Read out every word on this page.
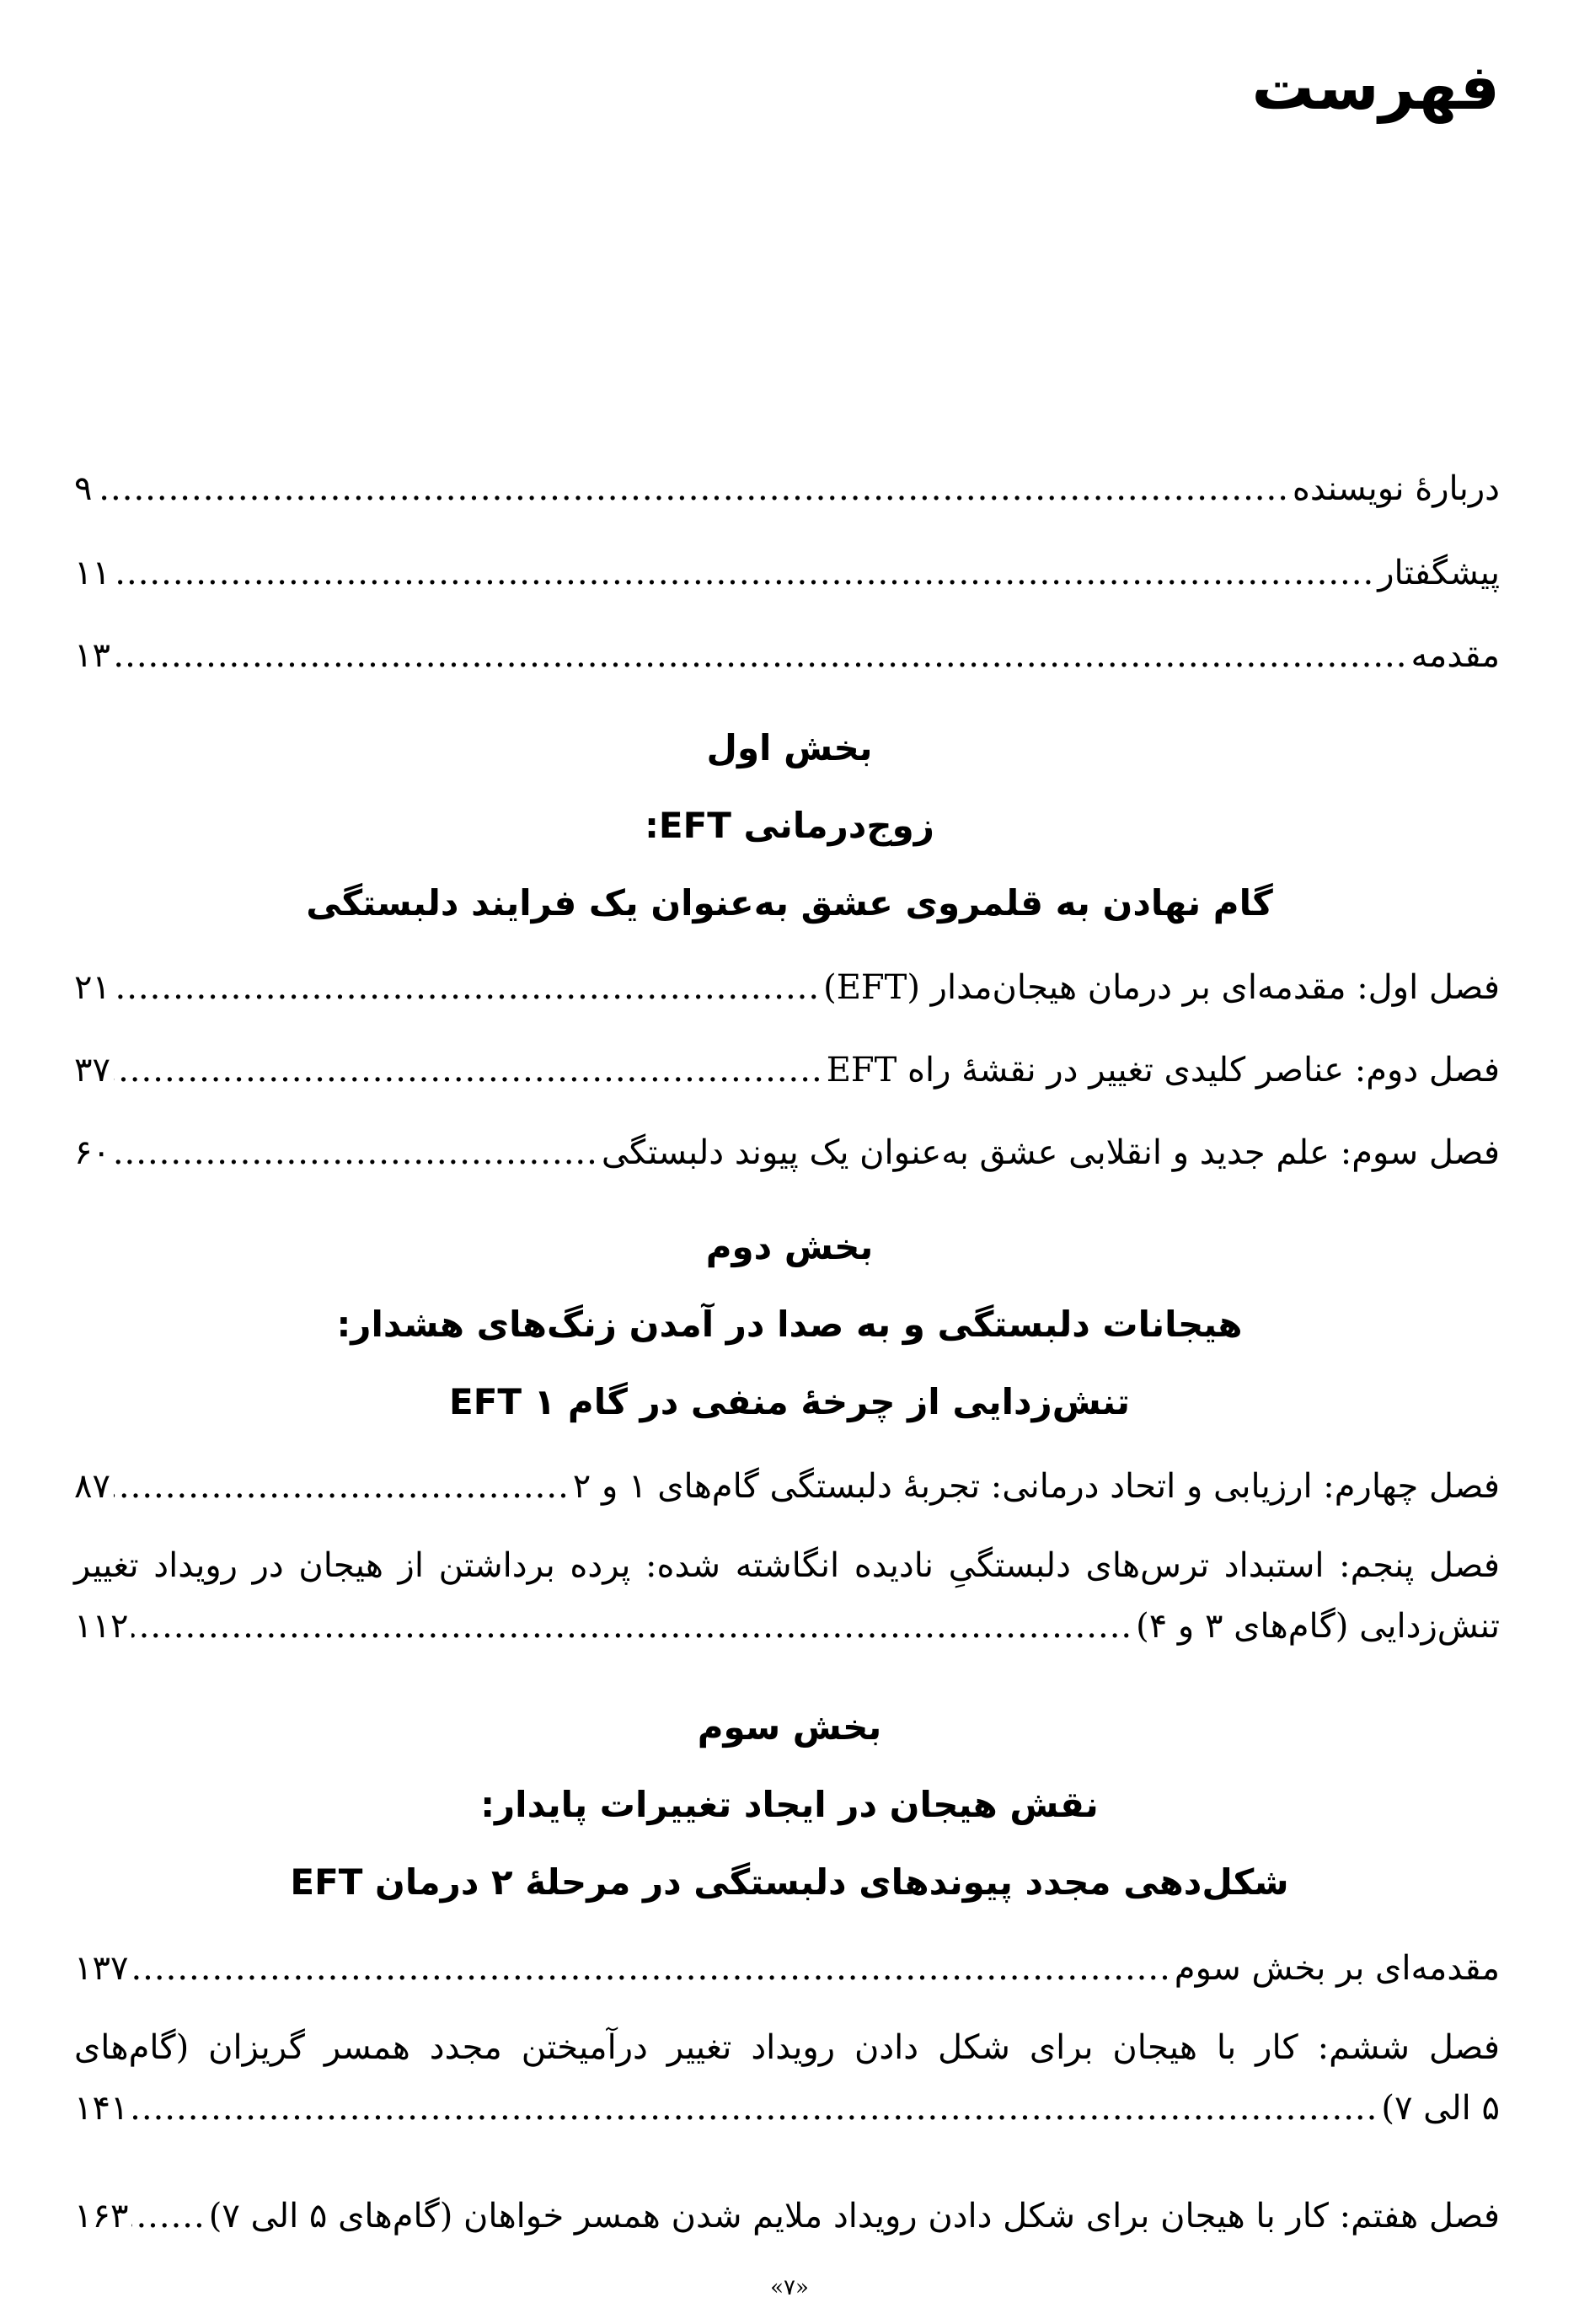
فهرست
دربارهٔ نویسنده
.....
۹
پیشگفتار
.....
۱۱
مقدمه
.....
۱۳
بخش اول
زوج‌درمانی EFT:
گام نهادن به قلمروی عشق به‌عنوان یک فرایند دلبستگی
فصل اول: مقدمه‌ای بر درمان هیجان‌مدار (EFT)
.....
۲۱
فصل دوم: عناصر کلیدی تغییر در نقشهٔ راه EFT
.....
۳۷
فصل سوم: علم جدید و انقلابی عشق به‌عنوان یک پیوند دلبستگی
.....
۶۰
بخش دوم
هیجانات دلبستگی و به صدا در آمدن زنگ‌های هشدار:
تنش‌زدایی از چرخهٔ منفی در گام ۱ EFT
فصل چهارم: ارزیابی و اتحاد درمانی: تجربهٔ دلبستگی گام‌های ۱ و ۲
.....
۸۷
فصل پنجم: استبداد ترس‌های دلبستگیِ نادیده انگاشته شده: پرده برداشتن از هیجان در رویداد تغییر
تنش‌زدایی (گام‌های ۳ و ۴)
.....
۱۱۲
بخش سوم
نقش هیجان در ایجاد تغییرات پایدار:
شکل‌دهی مجدد پیوندهای دلبستگی در مرحلهٔ ۲ درمان EFT
مقدمه‌ای بر بخش سوم
.....
۱۳۷
فصل ششم: کار با هیجان برای شکل دادن رویداد تغییر درآمیختن مجدد همسر گریزان (گام‌های
۵ الی ۷)
.....
۱۴۱
فصل هفتم: کار با هیجان برای شکل دادن رویداد ملایم شدن همسر خواهان (گام‌های ۵ الی ۷)
.....
۱۶۳
«۷»
